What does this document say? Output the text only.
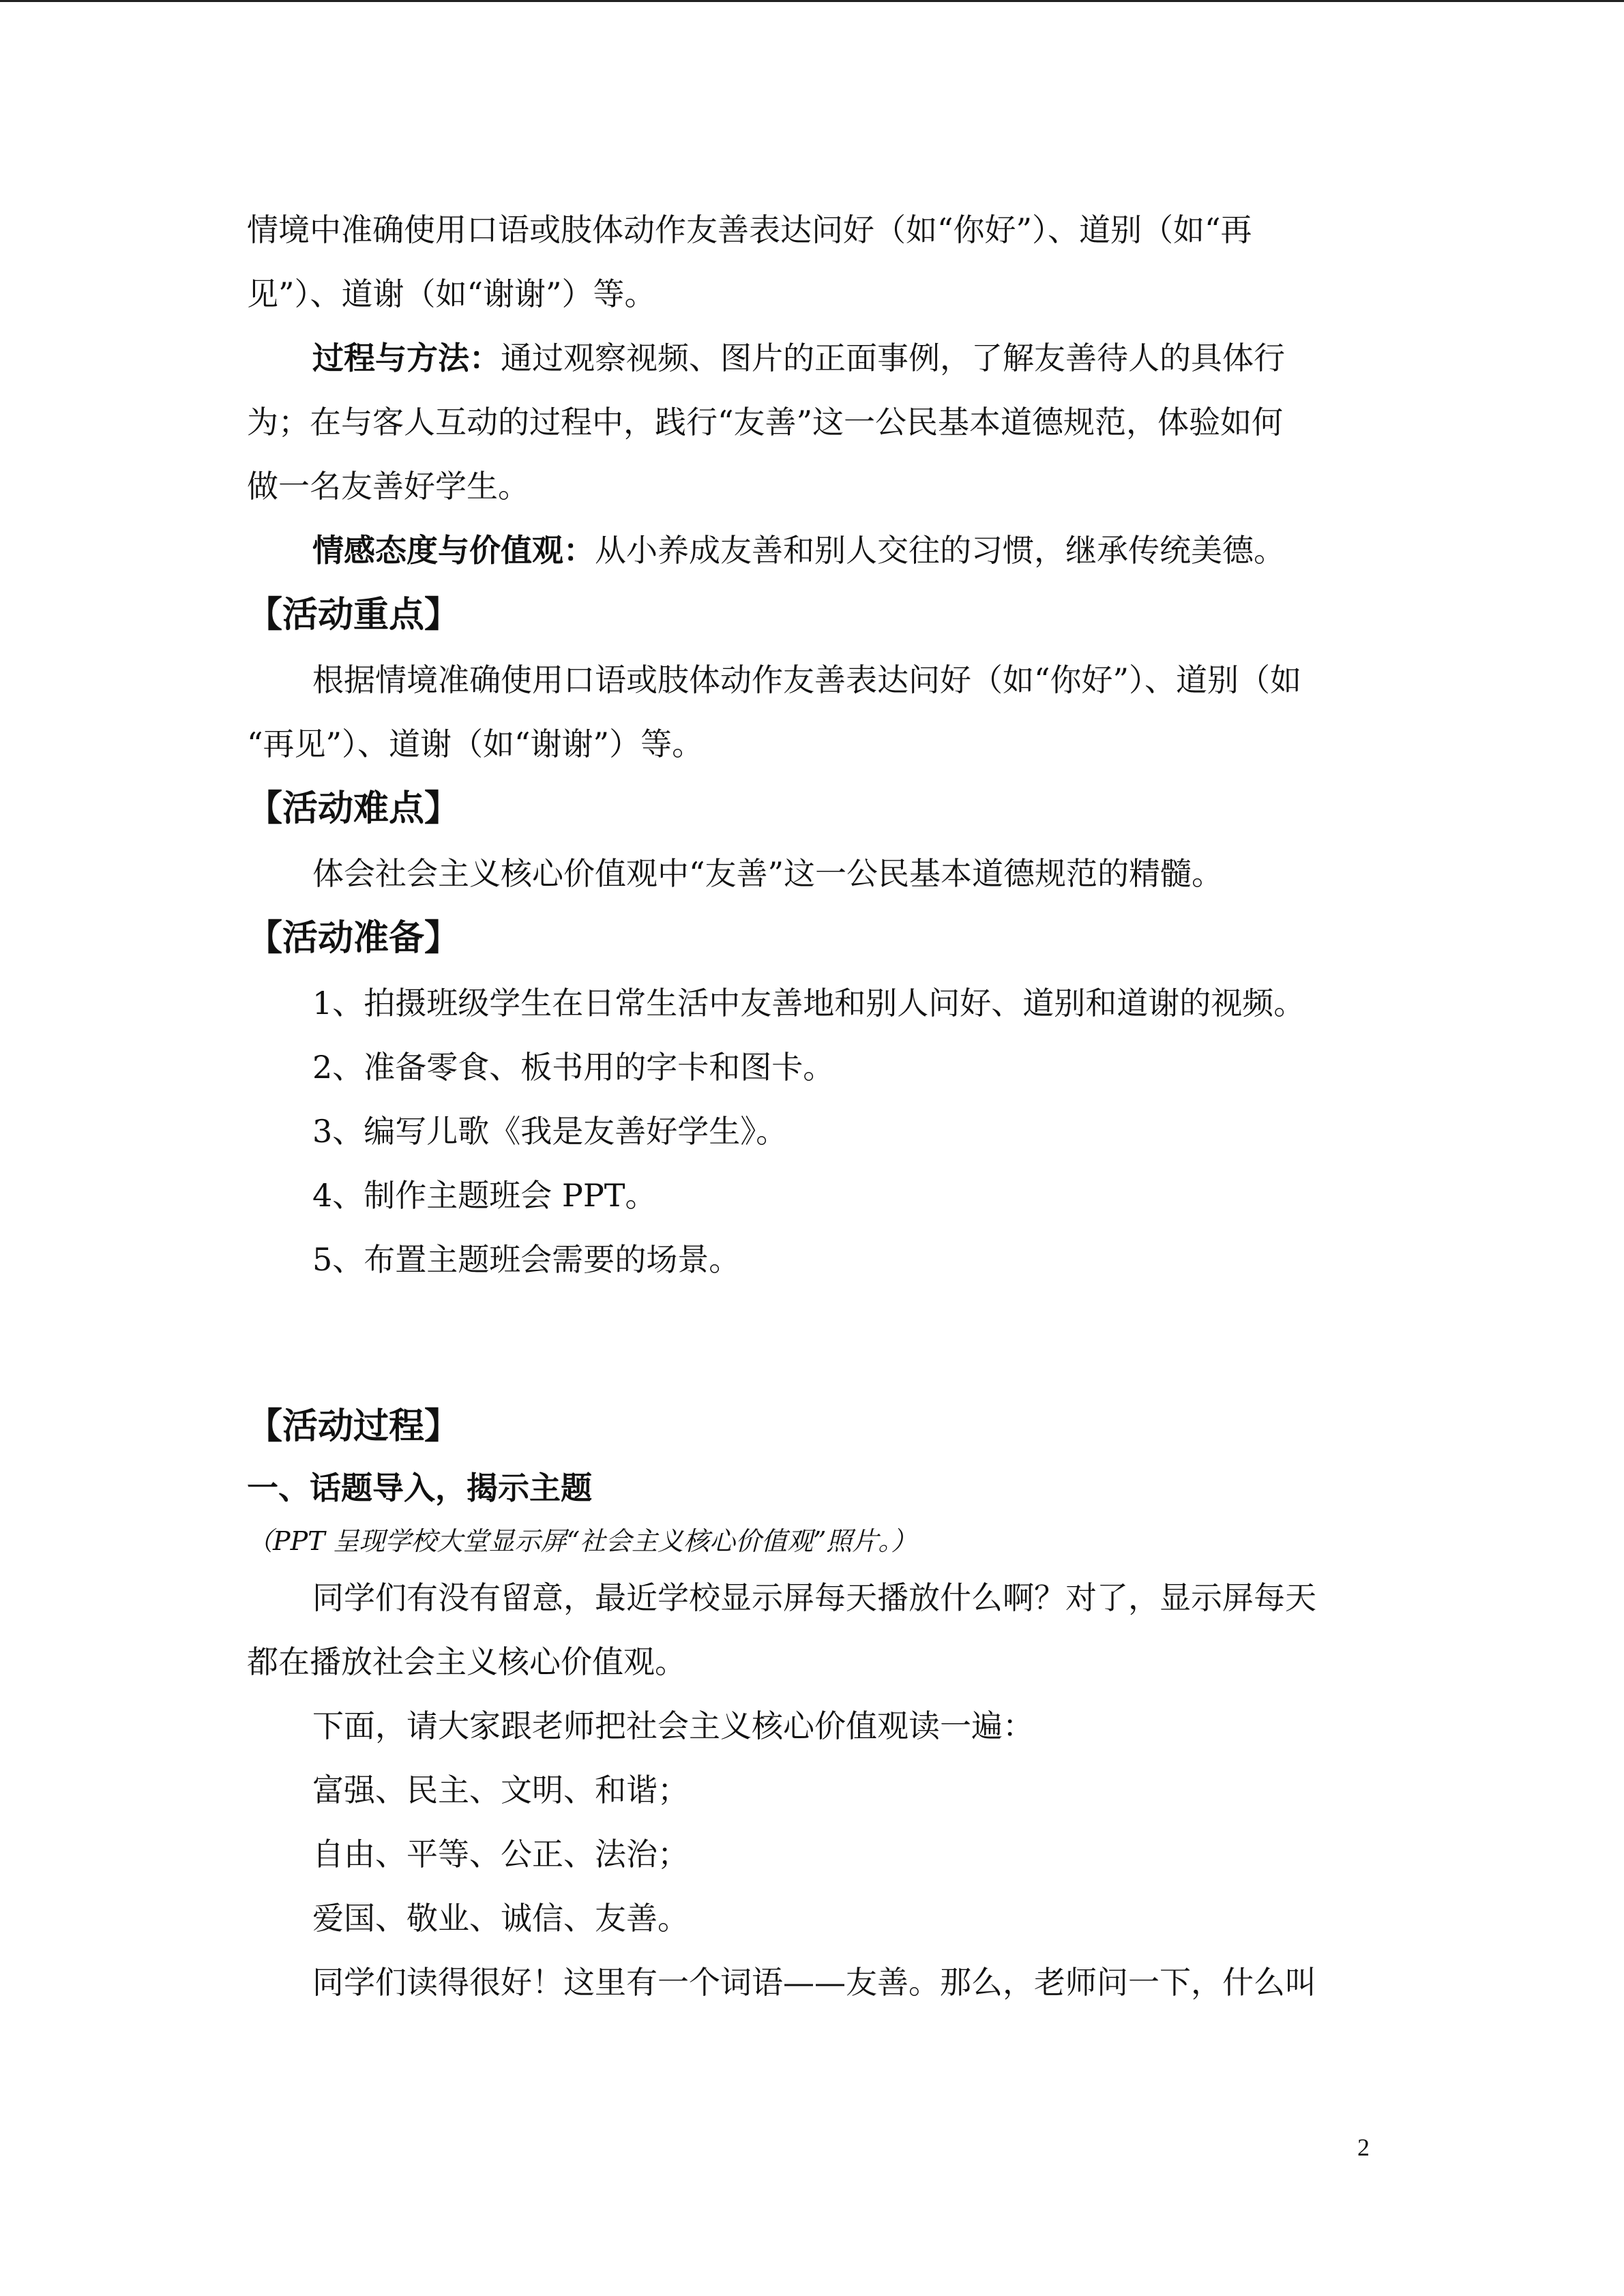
情境中准确使用口语或肢体动作友善表达问好（如“你好”）、道别（如“再

见”）、道谢（如“谢谢”）等。

过程与方法：通过观察视频、图片的正面事例，了解友善待人的具体行

为；在与客人互动的过程中，践行“友善”这一公民基本道德规范，体验如何

做一名友善好学生。

情感态度与价值观：从小养成友善和别人交往的习惯，继承传统美德。

【活动重点】

根据情境准确使用口语或肢体动作友善表达问好（如“你好”）、道别（如

“再见”）、道谢（如“谢谢”）等。

【活动难点】

体会社会主义核心价值观中“友善”这一公民基本道德规范的精髓。

【活动准备】

1、拍摄班级学生在日常生活中友善地和别人问好、道别和道谢的视频。

2、准备零食、板书用的字卡和图卡。

3、编写儿歌《我是友善好学生》。

4、制作主题班会 PPT。

5、布置主题班会需要的场景。

【活动过程】

一、话题导入，揭示主题

（PPT 呈现学校大堂显示屏“社会主义核心价值观”照片。）

同学们有没有留意，最近学校显示屏每天播放什么啊？对了，显示屏每天

都在播放社会主义核心价值观。

下面，请大家跟老师把社会主义核心价值观读一遍：

富强、民主、文明、和谐；

自由、平等、公正、法治；

爱国、敬业、诚信、友善。

同学们读得很好！这里有一个词语——友善。那么，老师问一下，什么叫

2
